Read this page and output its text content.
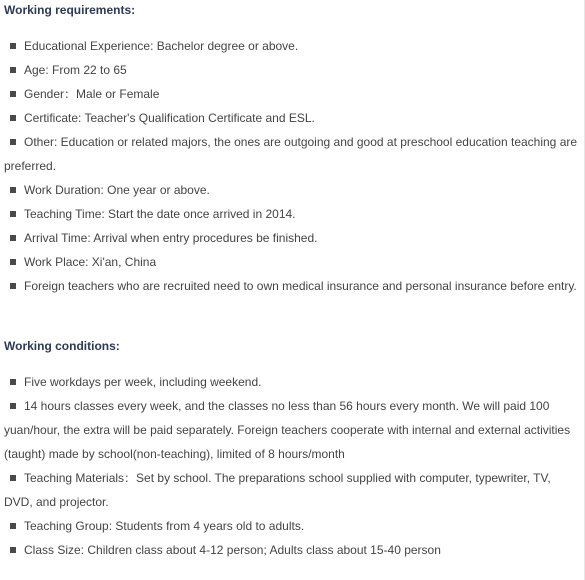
Working requirements:
Educational Experience: Bachelor degree or above.
Age: From 22 to 65
Gender：Male or Female
Certificate: Teacher's Qualification Certificate and ESL.
Other: Education or related majors, the ones are outgoing and good at preschool education teaching are preferred.
Work Duration: One year or above.
Teaching Time: Start the date once arrived in 2014.
Arrival Time: Arrival when entry procedures be finished.
Work Place: Xi'an, China
Foreign teachers who are recruited need to own medical insurance and personal insurance before entry.
Working conditions:
Five workdays per week, including weekend.
14 hours classes every week, and the classes no less than 56 hours every month. We will paid 100 yuan/hour, the extra will be paid separately. Foreign teachers cooperate with internal and external activities (taught) made by school(non-teaching), limited of 8 hours/month
Teaching Materials：Set by school. The preparations school supplied with computer, typewriter, TV, DVD, and projector.
Teaching Group: Students from 4 years old to adults.
Class Size: Children class about 4-12 person; Adults class about 15-40 person
